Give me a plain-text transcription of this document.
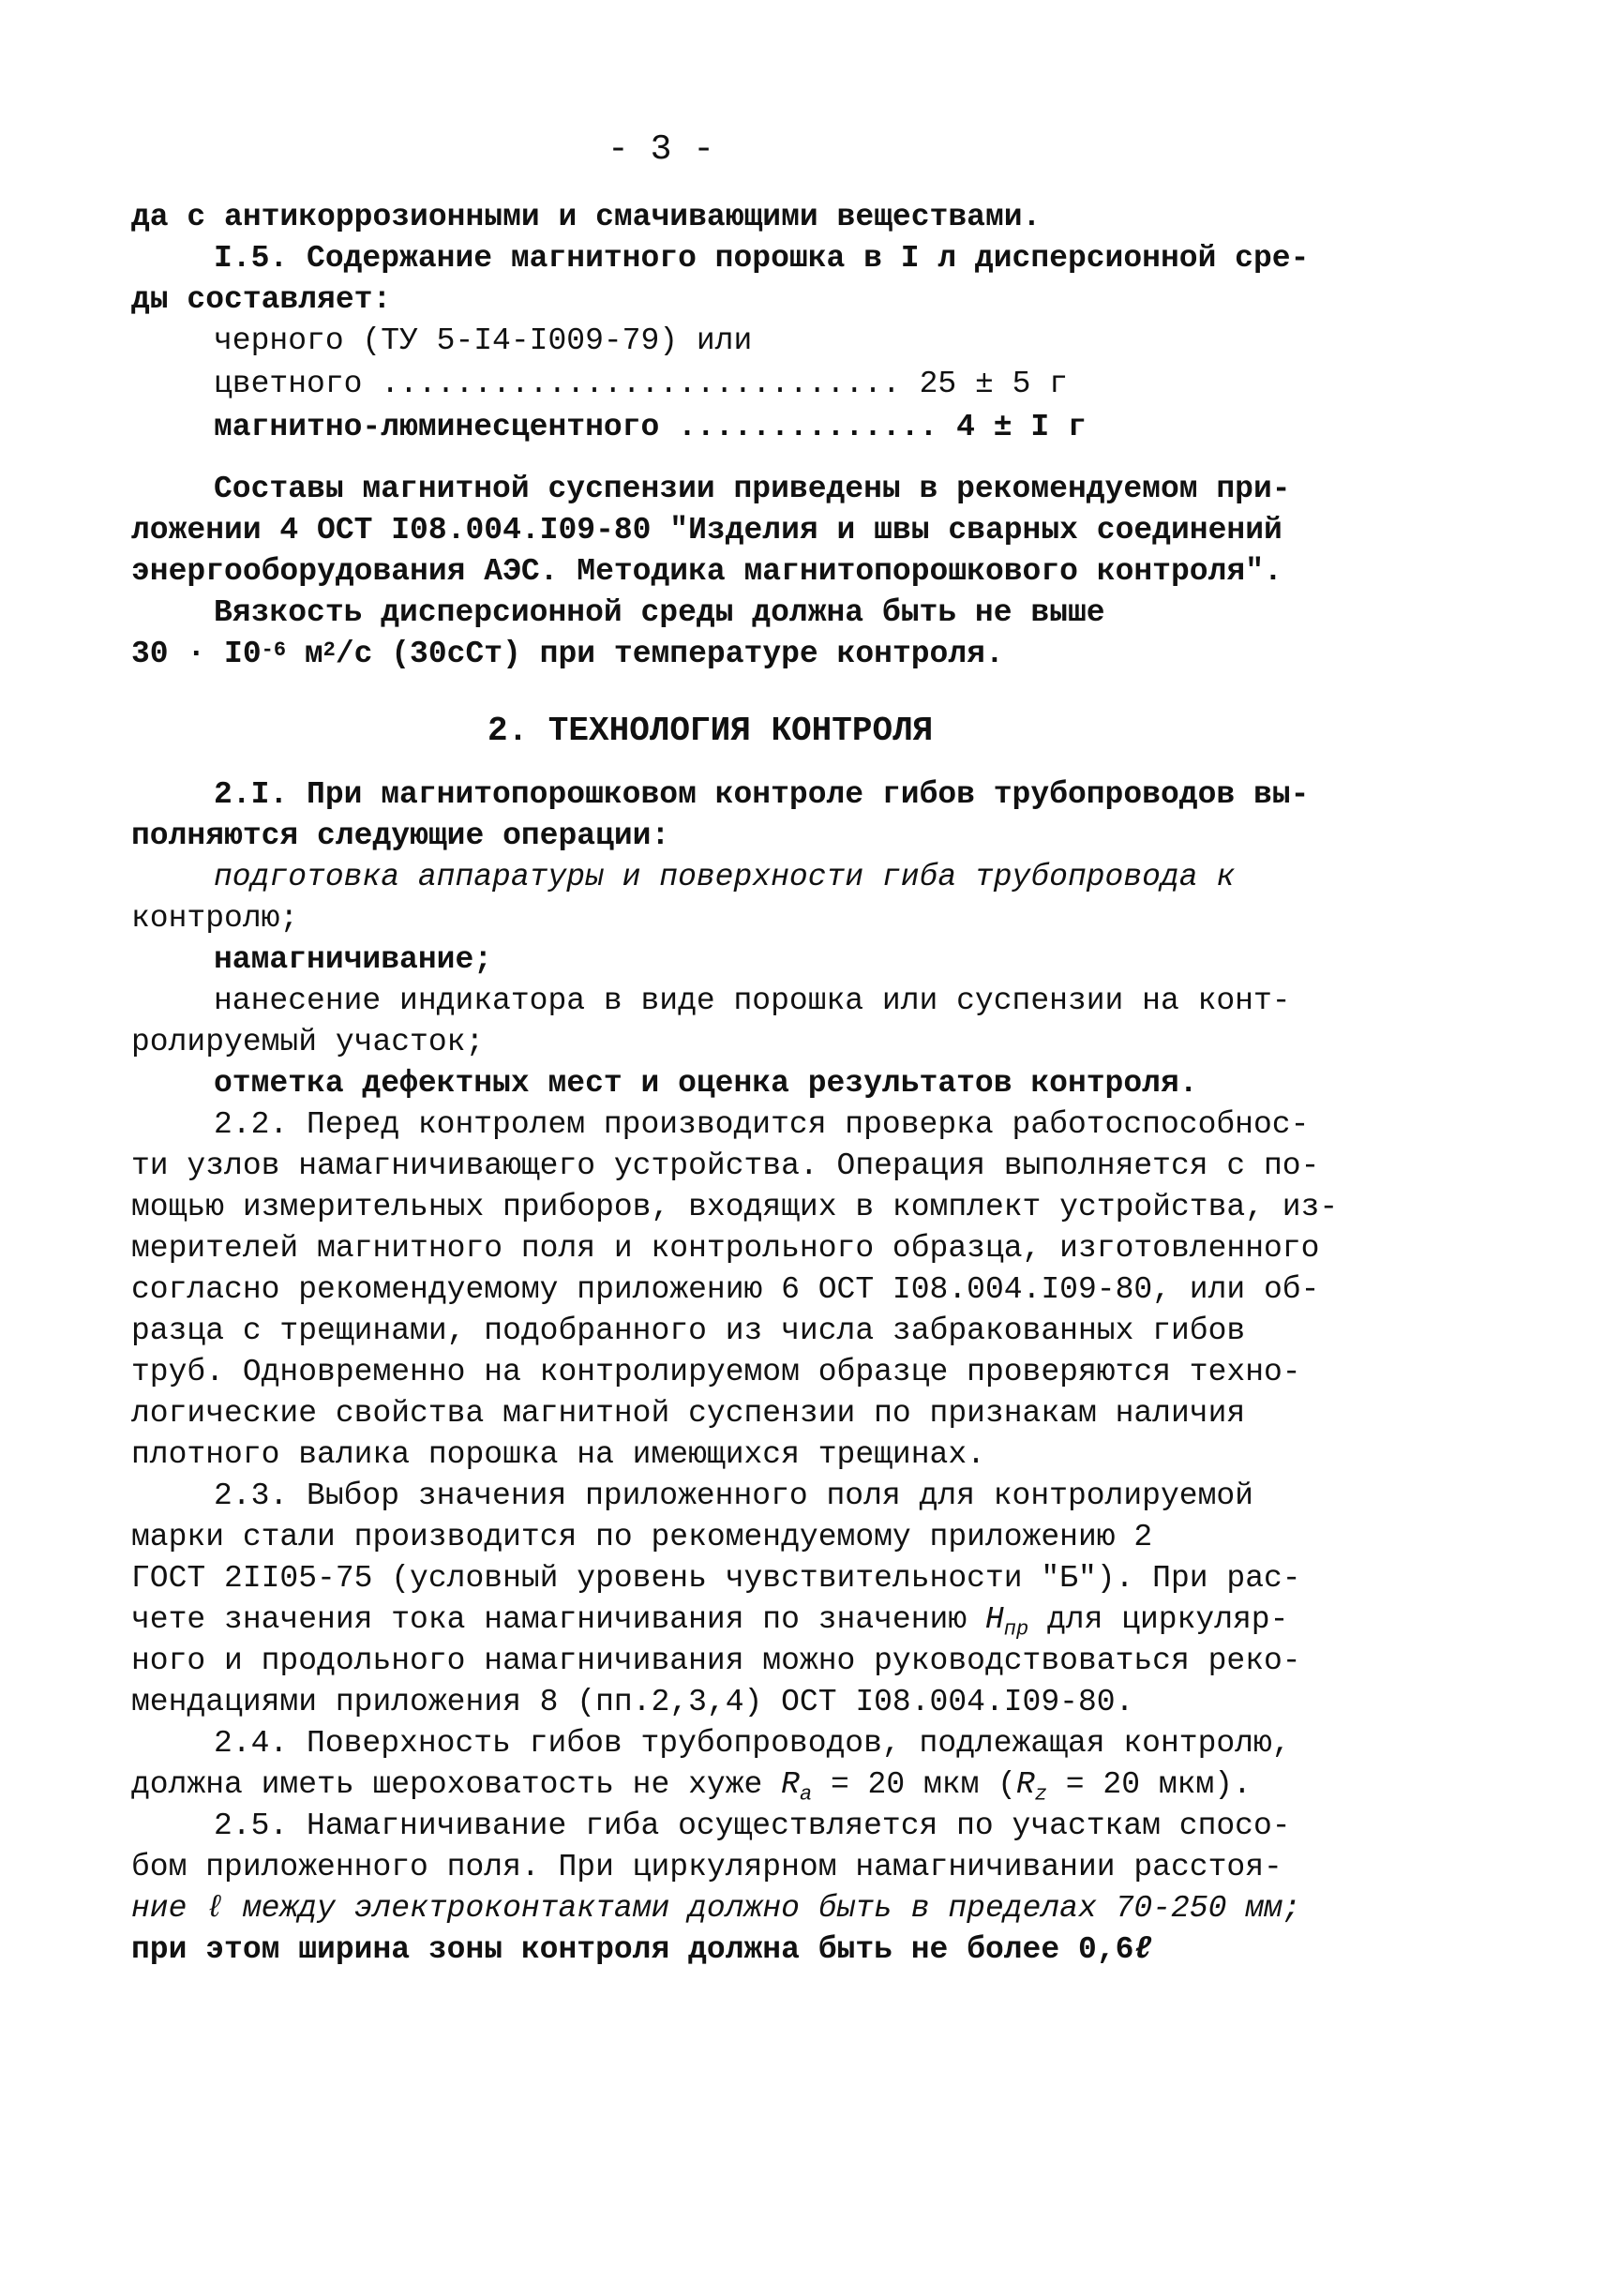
- 3 -
да с антикоррозионными и смачивающими веществами.
I.5. Содержание магнитного порошка в I л дисперсионной сре-
ды составляет:
черного (ТУ 5-I4-I009-79) или
цветного ............................ 25 ± 5 г
магнитно-люминесцентного .............. 4 ± I г
Составы магнитной суспензии приведены в рекомендуемом при-
ложении 4 ОСТ I08.004.I09-80 "Изделия и швы сварных соединений
энергооборудования АЭС. Методика магнитопорошкового контроля".
Вязкость дисперсионной среды должна быть не выше
$30 \cdot I0^{-6}$ $м^2/с$ (30сСт) при температуре контроля.
2. ТЕХНОЛОГИЯ КОНТРОЛЯ
2.I. При магнитопорошковом контроле гибов трубопроводов вы-
полняются следующие операции:
подготовка аппаратуры и поверхности гиба трубопровода к
контролю;
намагничивание;
нанесение индикатора в виде порошка или суспензии на конт-
ролируемый участок;
отметка дефектных мест и оценка результатов контроля.
2.2. Перед контролем производится проверка работоспособнос-
ти узлов намагничивающего устройства. Операция выполняется с по-
мощью измерительных приборов, входящих в комплект устройства, из-
мерителей магнитного поля и контрольного образца, изготовленного
согласно рекомендуемому приложению 6 ОСТ I08.004.I09-80, или об-
разца с трещинами, подобранного из числа забракованных гибов
труб. Одновременно на контролируемом образце проверяются техно-
логические свойства магнитной суспензии по признакам наличия
плотного валика порошка на имеющихся трещинах.
2.3. Выбор значения приложенного поля для контролируемой
марки стали производится по рекомендуемому приложению 2
ГОСТ 2II05-75 (условный уровень чувствительности "Б"). При рас-
чете значения тока намагничивания по значению $H_{пр}$ для циркуляр-
ного и продольного намагничивания можно руководствоваться реко-
мендациями приложения 8 (пп.2,3,4) ОСТ I08.004.I09-80.
2.4. Поверхность гибов трубопроводов, подлежащая контролю,
должна иметь шероховатость не хуже $R_a = 20$ мкм ($R_z = 20$ мкм).
2.5. Намагничивание гиба осуществляется по участкам спосо-
бом приложенного поля. При циркулярном намагничивании расстоя-
ние ℓ между электроконтактами должно быть в пределах 70-250 мм;
при этом ширина зоны контроля должна быть не более 0,6ℓ
